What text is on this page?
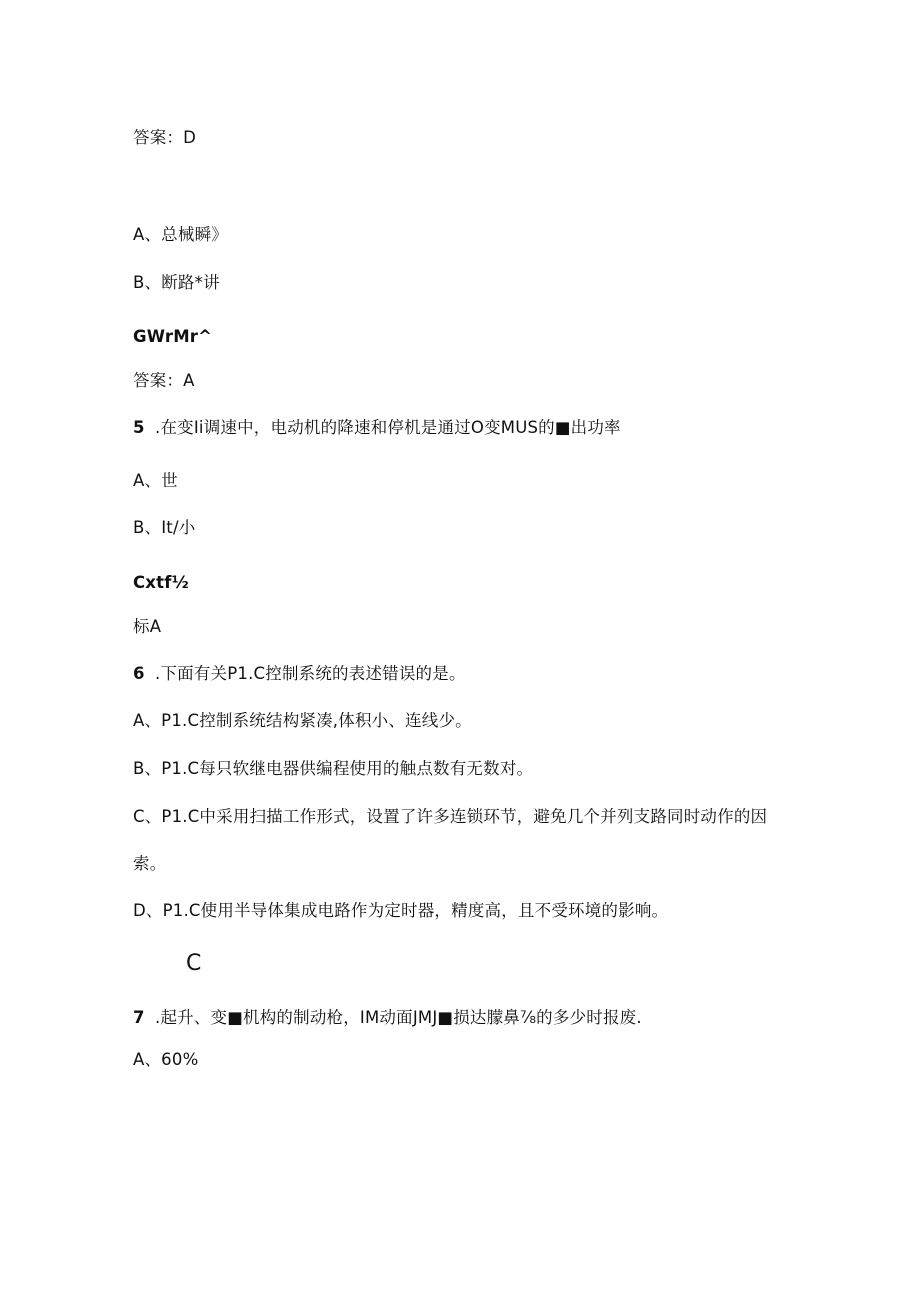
答案：D
A、总械瞬》
B、断路*讲
GWrMr^
答案：A
5 .在变Ii调速中，电动机的降速和停机是通过O变MUS的■出功率
A、世
B、It/小
Cxtf½
标A
6 .下面有关P1.C控制系统的表述错误的是。
A、P1.C控制系统结构紧凑,体积小、连线少。
B、P1.C每只软继电器供编程使用的触点数有无数对。
C、P1.C中采用扫描工作形式，设置了许多连锁环节，避免几个并列支路同时动作的因
索。
D、P1.C使用半导体集成电路作为定时器，精度高，且不受环境的影响。
C
7 .起升、变■机构的制动枪，IM动面JMJ■损达朦鼻⅞的多少时报废.
A、60%
